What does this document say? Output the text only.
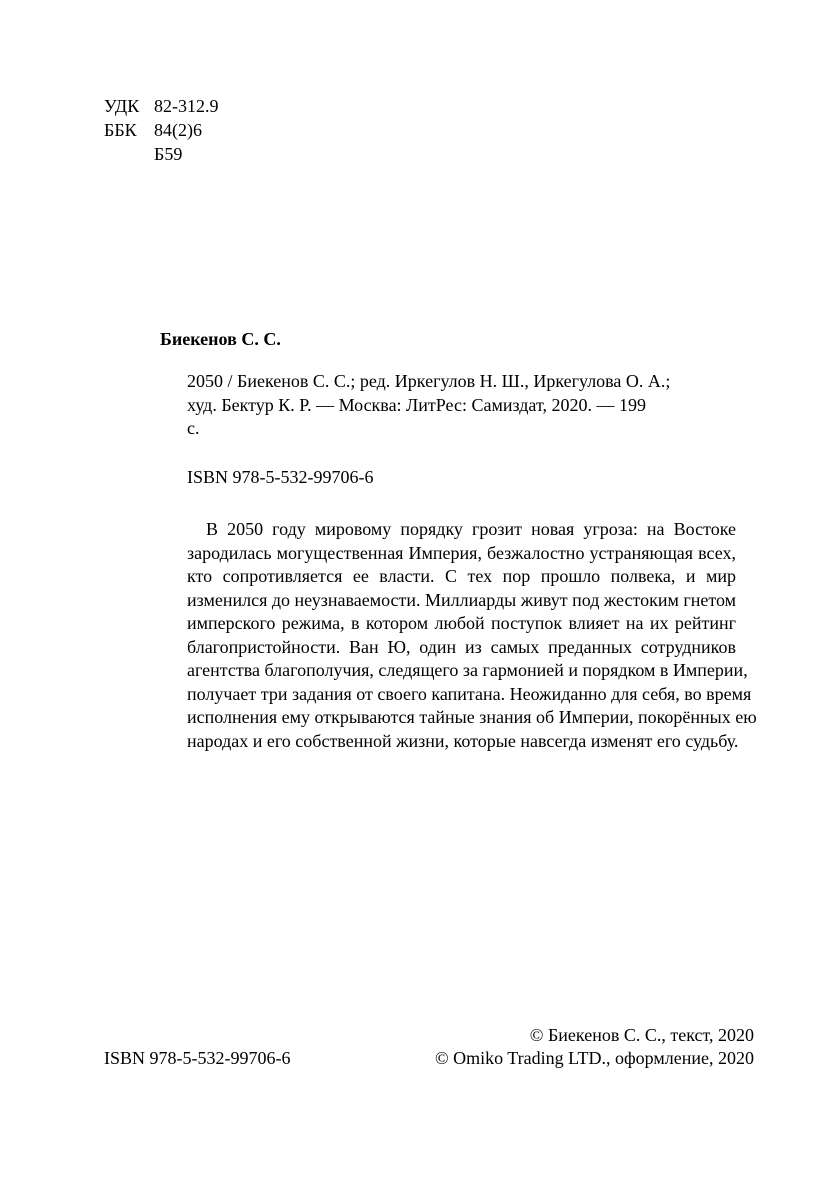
УДК 82-312.9
ББК 84(2)6
Б59
Биекенов С. С.
2050 / Биекенов С. С.; ред. Иркегулов Н. Ш., Иркегулова О. А.;
худ. Бектур К. Р. — Москва: ЛитРес: Самиздат, 2020. — 199
с.
ISBN 978-5-532-99706-6
В 2050 году мировому порядку грозит новая угроза: на Востоке
зародилась могущественная Империя, безжалостно устраняющая всех,
кто сопротивляется ее власти. С тех пор прошло полвека, и мир
изменился до неузнаваемости. Миллиарды живут под жестоким гнетом
имперского режима, в котором любой поступок влияет на их рейтинг
благопристойности. Ван Ю, один из самых преданных сотрудников
агентства благополучия, следящего за гармонией и порядком в Империи,
получает три задания от своего капитана. Неожиданно для себя, во время
исполнения ему открываются тайные знания об Империи, покорённых ею
народах и его собственной жизни, которые навсегда изменят его судьбу.
© Биекенов С. С., текст, 2020
ISBN 978-5-532-99706-6	© Omiko Trading LTD., оформление, 2020
